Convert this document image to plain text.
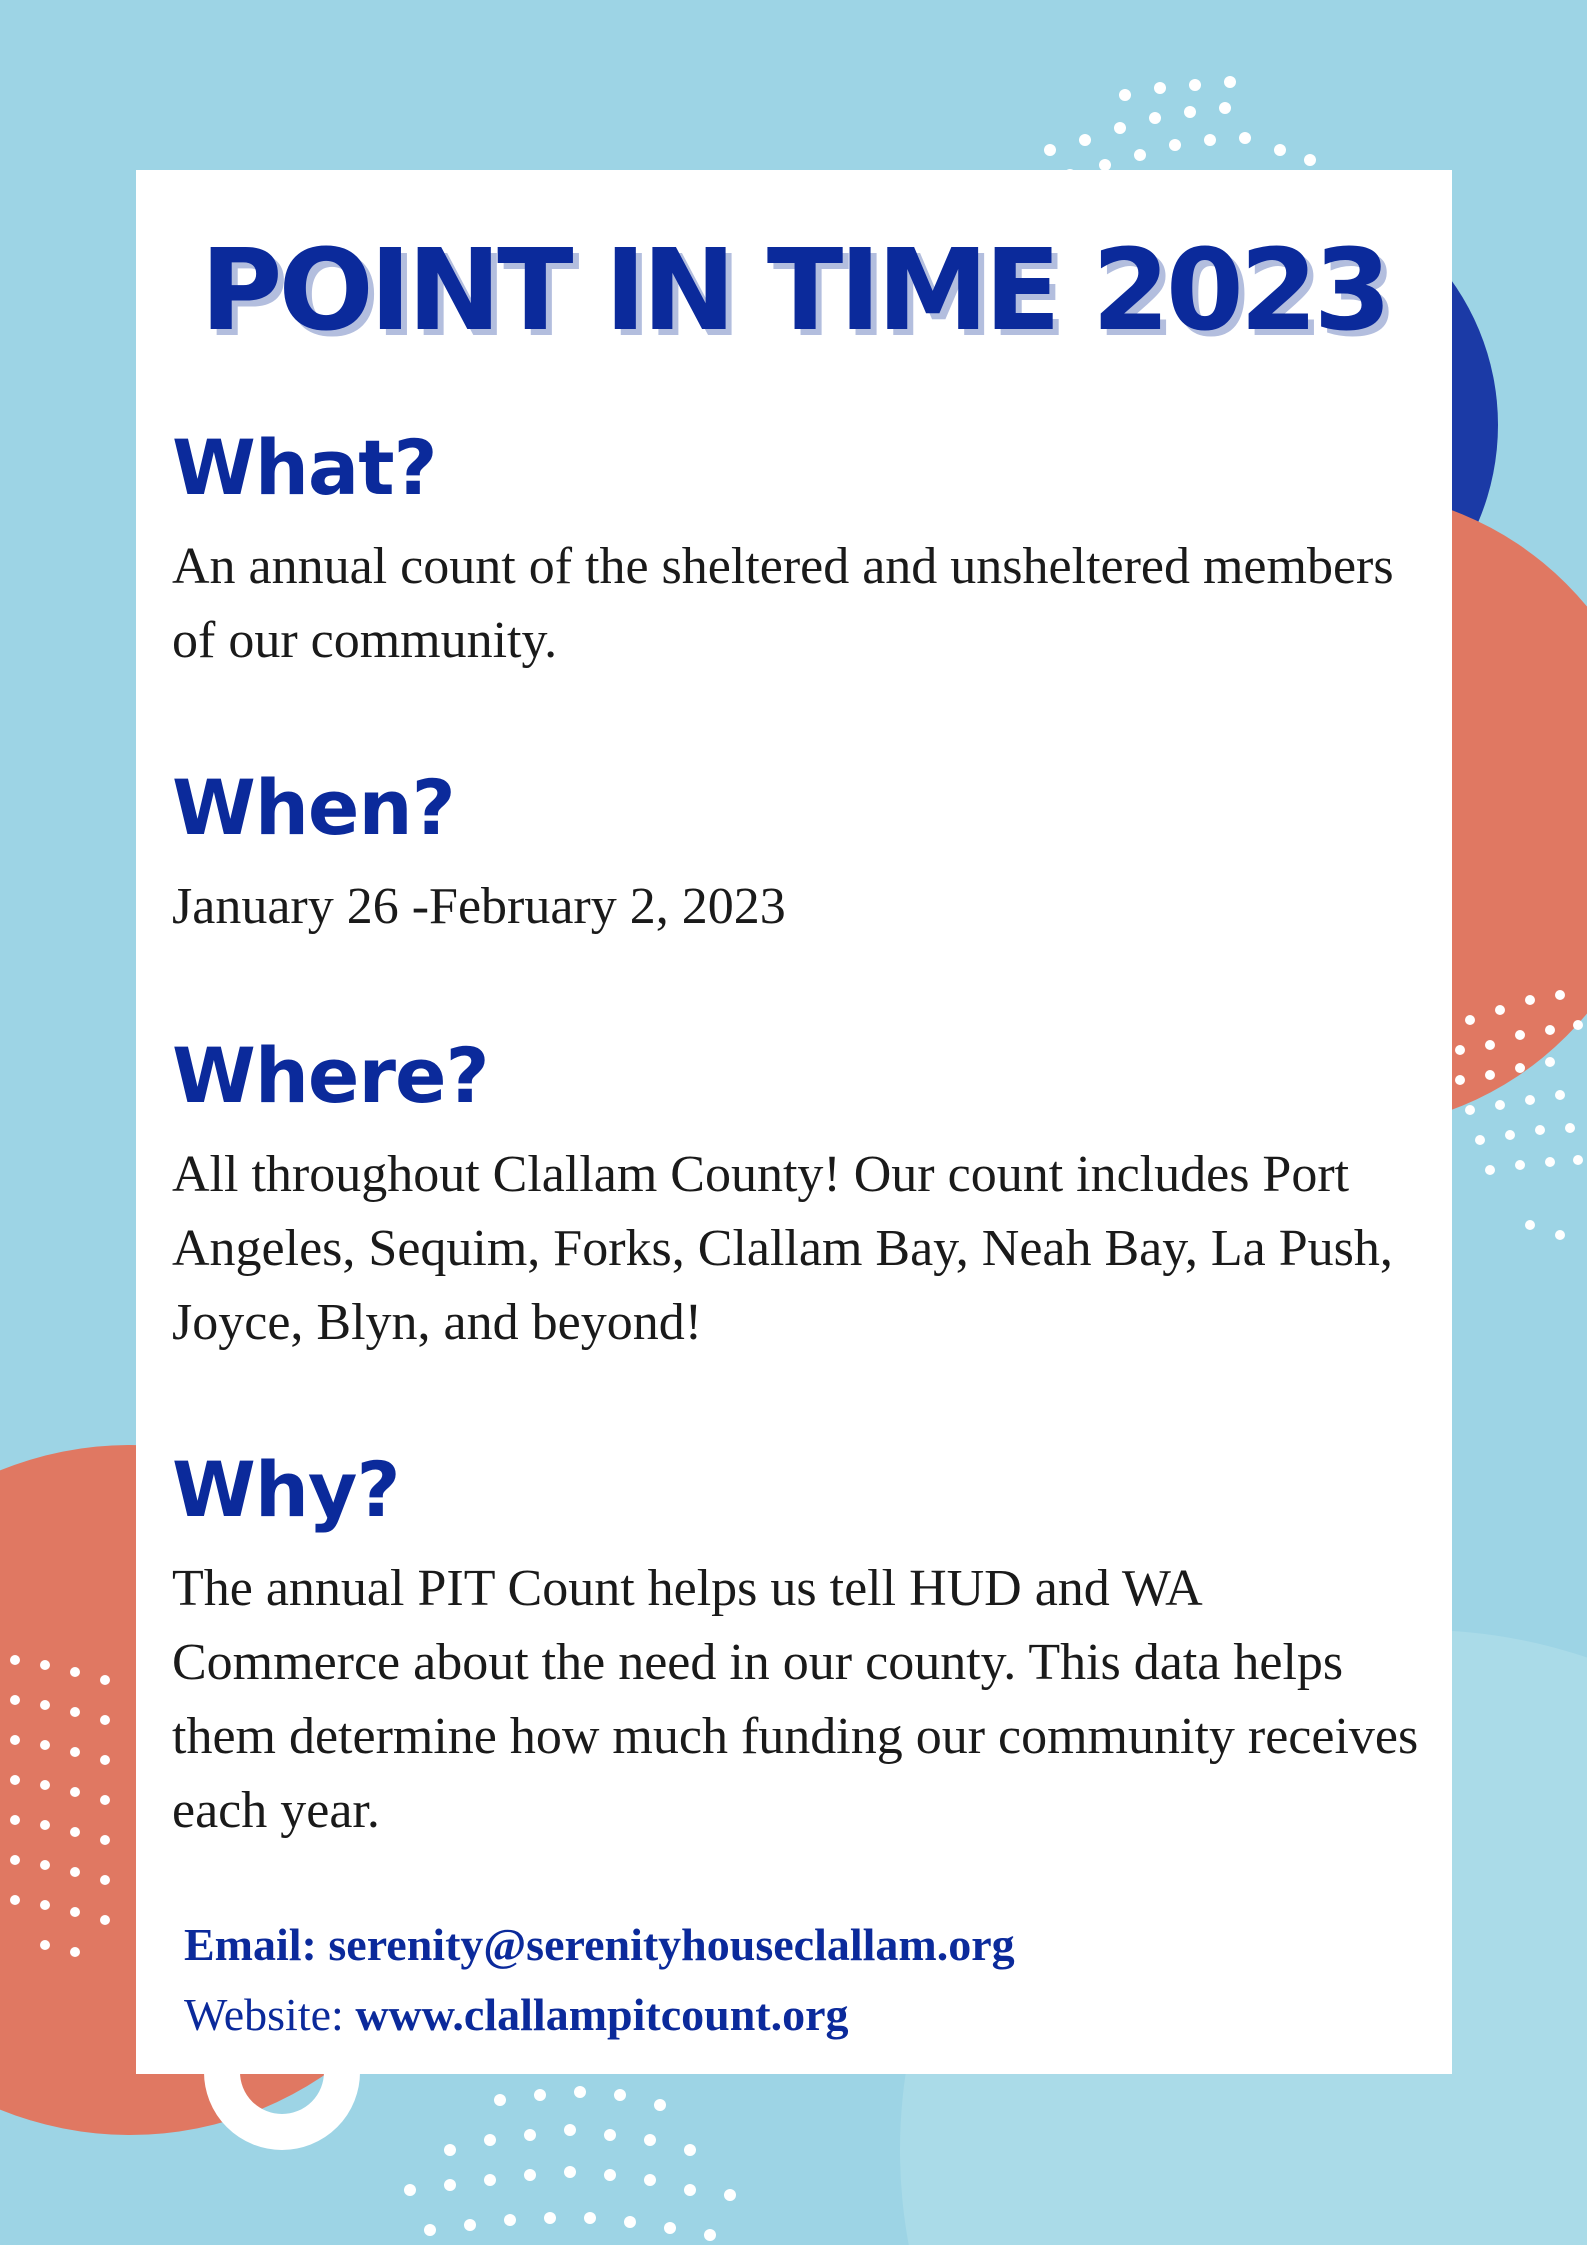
POINT IN TIME 2023
What?

An annual count of the sheltered and unsheltered members of our community.

When?

January 26 -February 2, 2023

Where?

All throughout Clallam County! Our count includes Port Angeles, Sequim, Forks, Clallam Bay, Neah Bay, La Push, Joyce, Blyn, and beyond!

Why?

The annual PIT Count helps us tell HUD and WA Commerce about the need in our county. This data helps them determine how much funding our community receives each year.

Email: serenity@serenityhouseclallam.org
Website: www.clallampitcount.org
